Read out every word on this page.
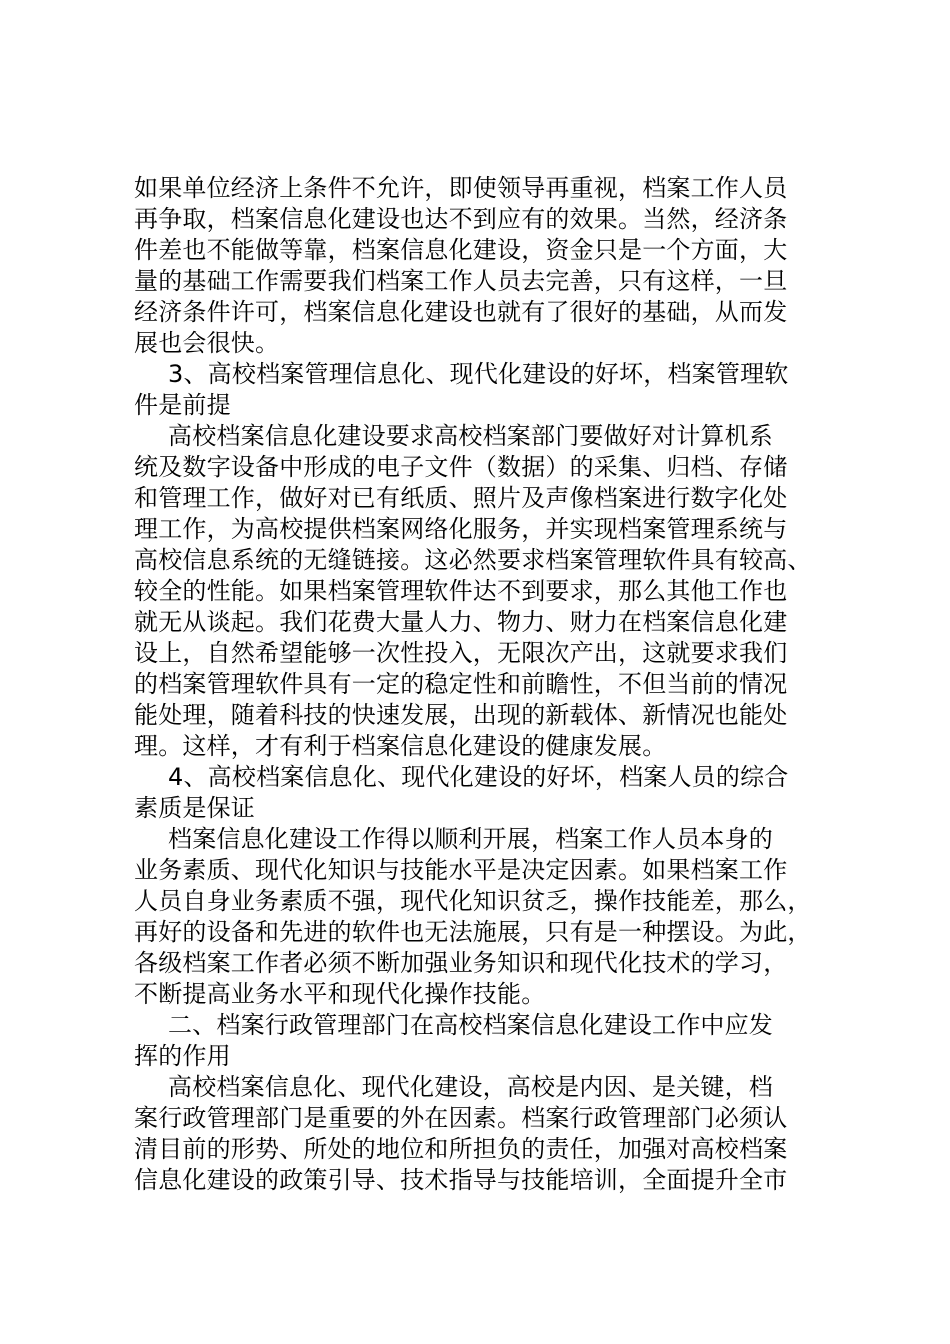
如果单位经济上条件不允许，即使领导再重视，档案工作人员
再争取，档案信息化建设也达不到应有的效果。当然，经济条
件差也不能做等靠，档案信息化建设，资金只是一个方面，大
量的基础工作需要我们档案工作人员去完善，只有这样，一旦
经济条件许可，档案信息化建设也就有了很好的基础，从而发
展也会很快。
3、高校档案管理信息化、现代化建设的好坏，档案管理软
件是前提
高校档案信息化建设要求高校档案部门要做好对计算机系
统及数字设备中形成的电子文件（数据）的采集、归档、存储
和管理工作，做好对已有纸质、照片及声像档案进行数字化处
理工作，为高校提供档案网络化服务，并实现档案管理系统与
高校信息系统的无缝链接。这必然要求档案管理软件具有较高、
较全的性能。如果档案管理软件达不到要求，那么其他工作也
就无从谈起。我们花费大量人力、物力、财力在档案信息化建
设上，自然希望能够一次性投入，无限次产出，这就要求我们
的档案管理软件具有一定的稳定性和前瞻性，不但当前的情况
能处理，随着科技的快速发展，出现的新载体、新情况也能处
理。这样，才有利于档案信息化建设的健康发展。
4、高校档案信息化、现代化建设的好坏，档案人员的综合
素质是保证
档案信息化建设工作得以顺利开展，档案工作人员本身的
业务素质、现代化知识与技能水平是决定因素。如果档案工作
人员自身业务素质不强，现代化知识贫乏，操作技能差，那么，
再好的设备和先进的软件也无法施展，只有是一种摆设。为此，
各级档案工作者必须不断加强业务知识和现代化技术的学习，
不断提高业务水平和现代化操作技能。
二、档案行政管理部门在高校档案信息化建设工作中应发
挥的作用
高校档案信息化、现代化建设，高校是内因、是关键，档
案行政管理部门是重要的外在因素。档案行政管理部门必须认
清目前的形势、所处的地位和所担负的责任，加强对高校档案
信息化建设的政策引导、技术指导与技能培训，全面提升全市
